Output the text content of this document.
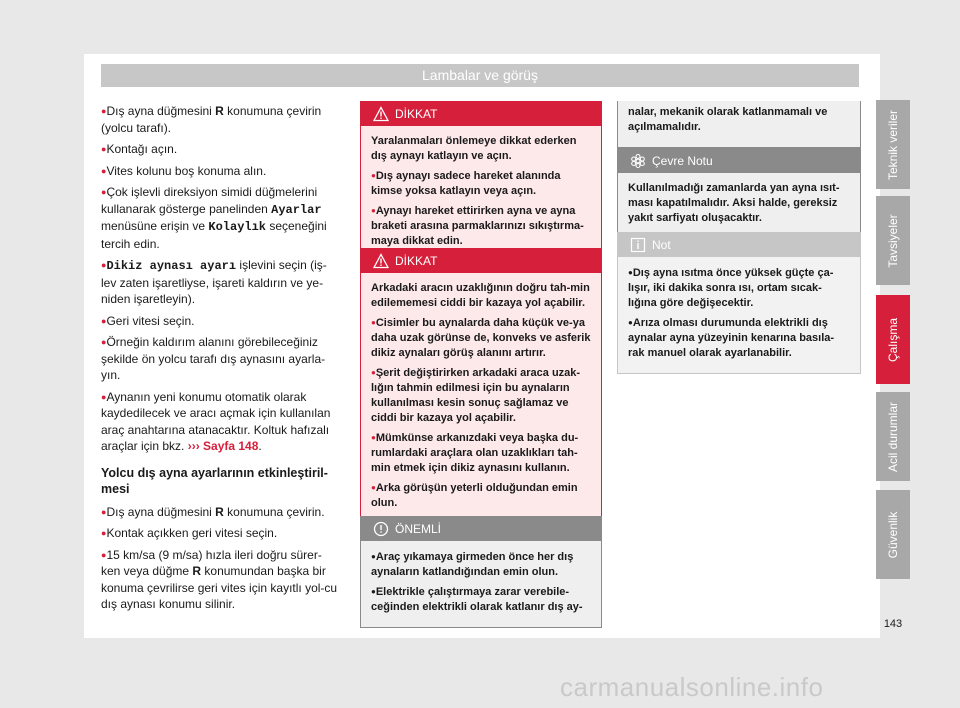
Lambalar ve görüş

● Dış ayna düğmesini R konumuna çevirin (yolcu tarafı).

● Kontağı açın.

● Vites kolunu boş konuma alın.

● Çok işlevli direksiyon simidi düğmelerini kullanarak gösterge panelinden Ayarlar menüsüne erişin ve Kolaylık seçeneğini tercih edin.

● Dikiz aynası ayarı işlevini seçin (iş-lev zaten işaretliyse, işareti kaldırın ve ye-niden işaretleyin).

● Geri vitesi seçin.

● Örneğin kaldırım alanını görebileceğiniz şekilde ön yolcu tarafı dış aynasını ayarla-yın.

● Aynanın yeni konumu otomatik olarak kaydedilecek ve aracı açmak için kullanılan araç anahtarına atanacaktır. Koltuk hafızalı araçlar için bkz. ››› Sayfa 148.

Yolcu dış ayna ayarlarının etkinleştiril-mesi

● Dış ayna düğmesini R konumuna çevirin.

● Kontak açıkken geri vitesi seçin.

● 15 km/sa (9 m/sa) hızla ileri doğru sürer-ken veya düğme R konumundan başka bir konuma çevrilirse geri vites için kayıtlı yol-cu dış aynası konumu silinir.

DİKKAT

Yaralanmaları önlemeye dikkat ederken dış aynayı katlayın ve açın.

● Dış aynayı sadece hareket alanında kimse yoksa katlayın veya açın.

● Aynayı hareket ettirirken ayna ve ayna braketi arasına parmaklarınızı sıkıştırma-maya dikkat edin.

DİKKAT

Arkadaki aracın uzaklığının doğru tah-min edilememesi ciddi bir kazaya yol açabilir.

● Cisimler bu aynalarda daha küçük ve-ya daha uzak görünse de, konveks ve asferik dikiz aynaları görüş alanını artırır.

● Şerit değiştirirken arkadaki araca uzak-lığın tahmin edilmesi için bu aynaların kullanılması kesin sonuç sağlamaz ve ciddi bir kazaya yol açabilir.

● Mümkünse arkanızdaki veya başka du-rumlardaki araçlara olan uzaklıkları tah-min etmek için dikiz aynasını kullanın.

● Arka görüşün yeterli olduğundan emin olun.

ÖNEMLİ

● Araç yıkamaya girmeden önce her dış aynaların katlandığından emin olun.

● Elektrikle çalıştırmaya zarar verebile-ceğinden elektrikli olarak katlanır dış ay-

nalar, mekanik olarak katlanmamalı ve açılmamalıdır.

Çevre Notu

Kullanılmadığı zamanlarda yan ayna ısıt-ması kapatılmalıdır. Aksi halde, gereksiz yakıt sarfiyatı oluşacaktır.

Not

● Dış ayna ısıtma önce yüksek güçte ça-lışır, iki dakika sonra ısı, ortam sıcak-lığına göre değişecektir.

● Arıza olması durumunda elektrikli dış aynalar ayna yüzeyinin kenarına basıla-rak manuel olarak ayarlanabilir.

Teknik veriler
Tavsiyeler
Çalışma
Acil durumlar
Güvenlik
143
carmanualsonline.info
